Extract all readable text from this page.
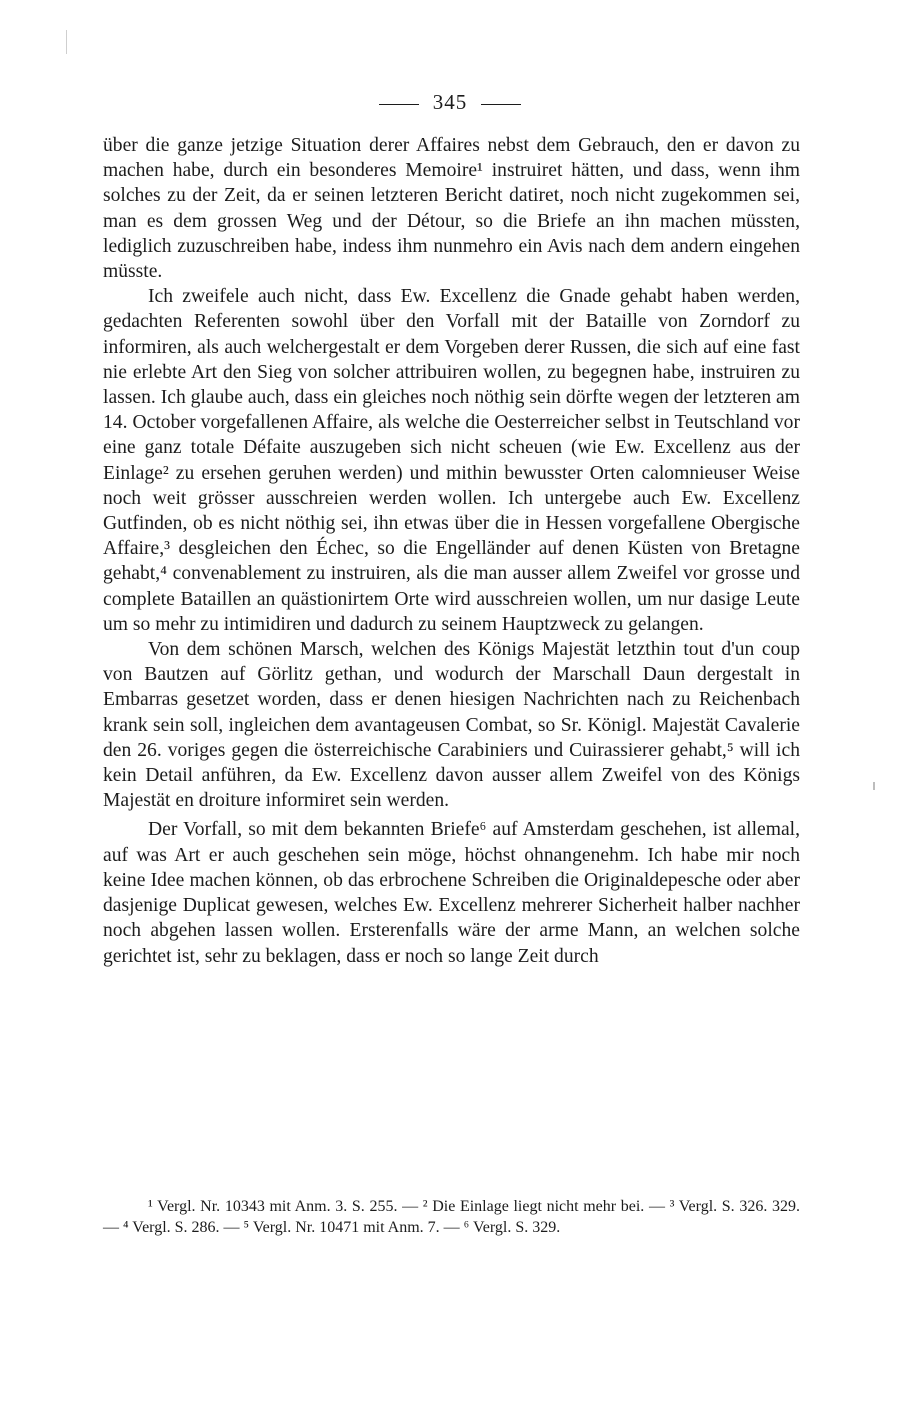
345

über die ganze jetzige Situation derer Affaires nebst dem Gebrauch, den er davon zu machen habe, durch ein besonderes Memoire¹ instruiret hätten, und dass, wenn ihm solches zu der Zeit, da er seinen letzteren Bericht datiret, noch nicht zugekommen sei, man es dem grossen Weg und der Détour, so die Briefe an ihn machen müssten, lediglich zuzuschreiben habe, indess ihm nunmehro ein Avis nach dem andern eingehen müsste.

Ich zweifele auch nicht, dass Ew. Excellenz die Gnade gehabt haben werden, gedachten Referenten sowohl über den Vorfall mit der Bataille von Zorndorf zu informiren, als auch welchergestalt er dem Vorgeben derer Russen, die sich auf eine fast nie erlebte Art den Sieg von solcher attribuiren wollen, zu begegnen habe, instruiren zu lassen. Ich glaube auch, dass ein gleiches noch nöthig sein dörfte wegen der letzteren am 14. October vorgefallenen Affaire, als welche die Oesterreicher selbst in Teutschland vor eine ganz totale Défaite auszugeben sich nicht scheuen (wie Ew. Excellenz aus der Einlage² zu ersehen geruhen werden) und mithin bewusster Orten calomnieuser Weise noch weit grösser ausschreien werden wollen. Ich untergebe auch Ew. Excellenz Gutfinden, ob es nicht nöthig sei, ihn etwas über die in Hessen vorgefallene Obergische Affaire,³ desgleichen den Échec, so die Engelländer auf denen Küsten von Bretagne gehabt,⁴ convenablement zu instruiren, als die man ausser allem Zweifel vor grosse und complete Bataillen an quästionirtem Orte wird ausschreien wollen, um nur dasige Leute um so mehr zu intimidiren und dadurch zu seinem Hauptzweck zu gelangen.

Von dem schönen Marsch, welchen des Königs Majestät letzthin tout d'un coup von Bautzen auf Görlitz gethan, und wodurch der Marschall Daun dergestalt in Embarras gesetzet worden, dass er denen hiesigen Nachrichten nach zu Reichenbach krank sein soll, ingleichen dem avantageusen Combat, so Sr. Königl. Majestät Cavalerie den 26. voriges gegen die österreichische Carabiniers und Cuirassierer gehabt,⁵ will ich kein Detail anführen, da Ew. Excellenz davon ausser allem Zweifel von des Königs Majestät en droiture informiret sein werden.

Der Vorfall, so mit dem bekannten Briefe⁶ auf Amsterdam geschehen, ist allemal, auf was Art er auch geschehen sein möge, höchst ohnangenehm. Ich habe mir noch keine Idee machen können, ob das erbrochene Schreiben die Originaldepesche oder aber dasjenige Duplicat gewesen, welches Ew. Excellenz mehrerer Sicherheit halber nachher noch abgehen lassen wollen. Ersterenfalls wäre der arme Mann, an welchen solche gerichtet ist, sehr zu beklagen, dass er noch so lange Zeit durch

¹ Vergl. Nr. 10343 mit Anm. 3. S. 255. — ² Die Einlage liegt nicht mehr bei. — ³ Vergl. S. 326. 329. — ⁴ Vergl. S. 286. — ⁵ Vergl. Nr. 10471 mit Anm. 7. — ⁶ Vergl. S. 329.
